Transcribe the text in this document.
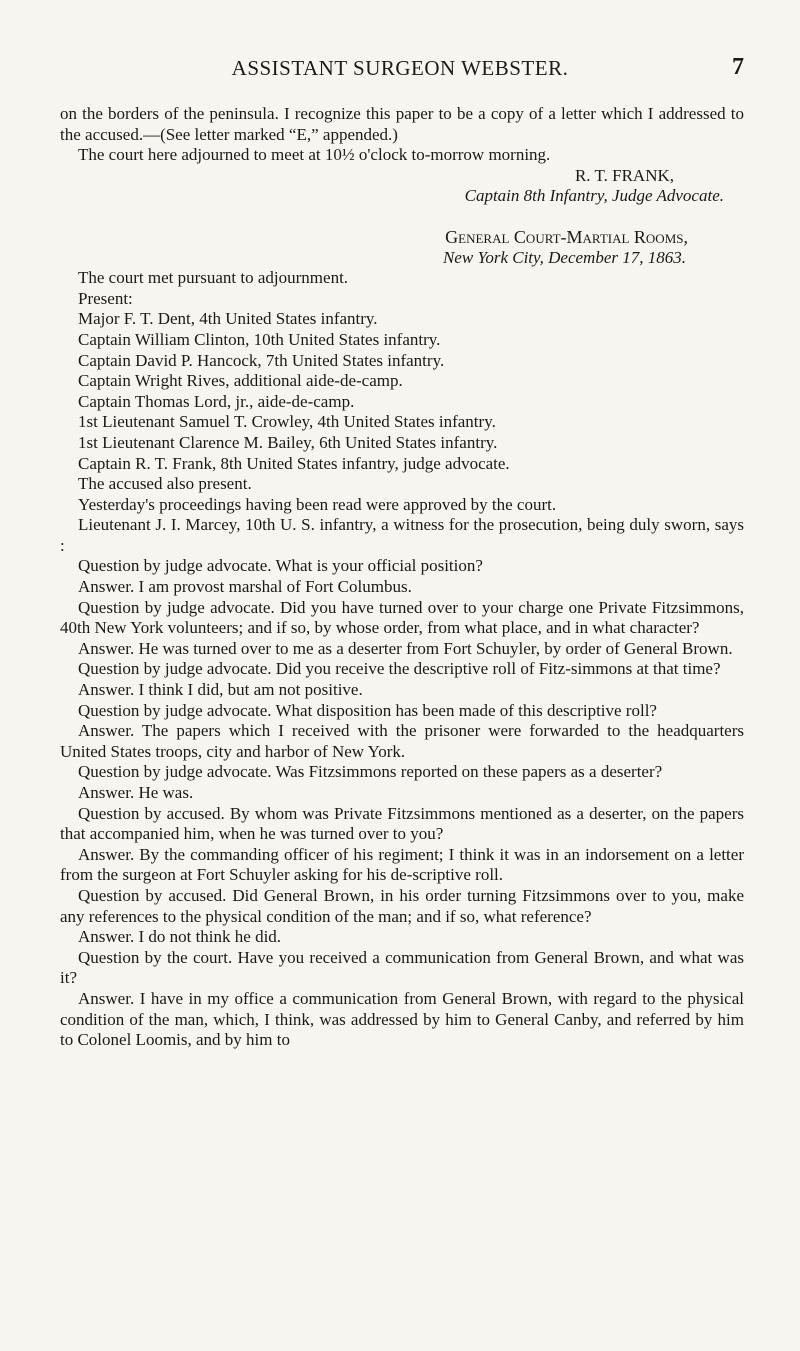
ASSISTANT SURGEON WEBSTER.	7

on the borders of the peninsula. I recognize this paper to be a copy of a letter which I addressed to the accused.—(See letter marked “E,” appended.)

The court here adjourned to meet at 10½ o'clock to-morrow morning.

R. T. FRANK,

Captain 8th Infantry, Judge Advocate.

General Court-Martial Rooms,

New York City, December 17, 1863.

The court met pursuant to adjournment.

Present:

Major F. T. Dent, 4th United States infantry.

Captain William Clinton, 10th United States infantry.

Captain David P. Hancock, 7th United States infantry.

Captain Wright Rives, additional aide-de-camp.

Captain Thomas Lord, jr., aide-de-camp.

1st Lieutenant Samuel T. Crowley, 4th United States infantry.

1st Lieutenant Clarence M. Bailey, 6th United States infantry.

Captain R. T. Frank, 8th United States infantry, judge advocate.

The accused also present.

Yesterday's proceedings having been read were approved by the court.

Lieutenant J. I. Marcey, 10th U. S. infantry, a witness for the prosecution, being duly sworn, says :

Question by judge advocate. What is your official position?

Answer. I am provost marshal of Fort Columbus.

Question by judge advocate. Did you have turned over to your charge one Private Fitzsimmons, 40th New York volunteers; and if so, by whose order, from what place, and in what character?

Answer. He was turned over to me as a deserter from Fort Schuyler, by order of General Brown.

Question by judge advocate. Did you receive the descriptive roll of Fitz-simmons at that time?

Answer. I think I did, but am not positive.

Question by judge advocate. What disposition has been made of this descriptive roll?

Answer. The papers which I received with the prisoner were forwarded to the headquarters United States troops, city and harbor of New York.

Question by judge advocate. Was Fitzsimmons reported on these papers as a deserter?

Answer. He was.

Question by accused. By whom was Private Fitzsimmons mentioned as a deserter, on the papers that accompanied him, when he was turned over to you?

Answer. By the commanding officer of his regiment; I think it was in an indorsement on a letter from the surgeon at Fort Schuyler asking for his de-scriptive roll.

Question by accused. Did General Brown, in his order turning Fitzsimmons over to you, make any references to the physical condition of the man; and if so, what reference?

Answer. I do not think he did.

Question by the court. Have you received a communication from General Brown, and what was it?

Answer. I have in my office a communication from General Brown, with regard to the physical condition of the man, which, I think, was addressed by him to General Canby, and referred by him to Colonel Loomis, and by him to
